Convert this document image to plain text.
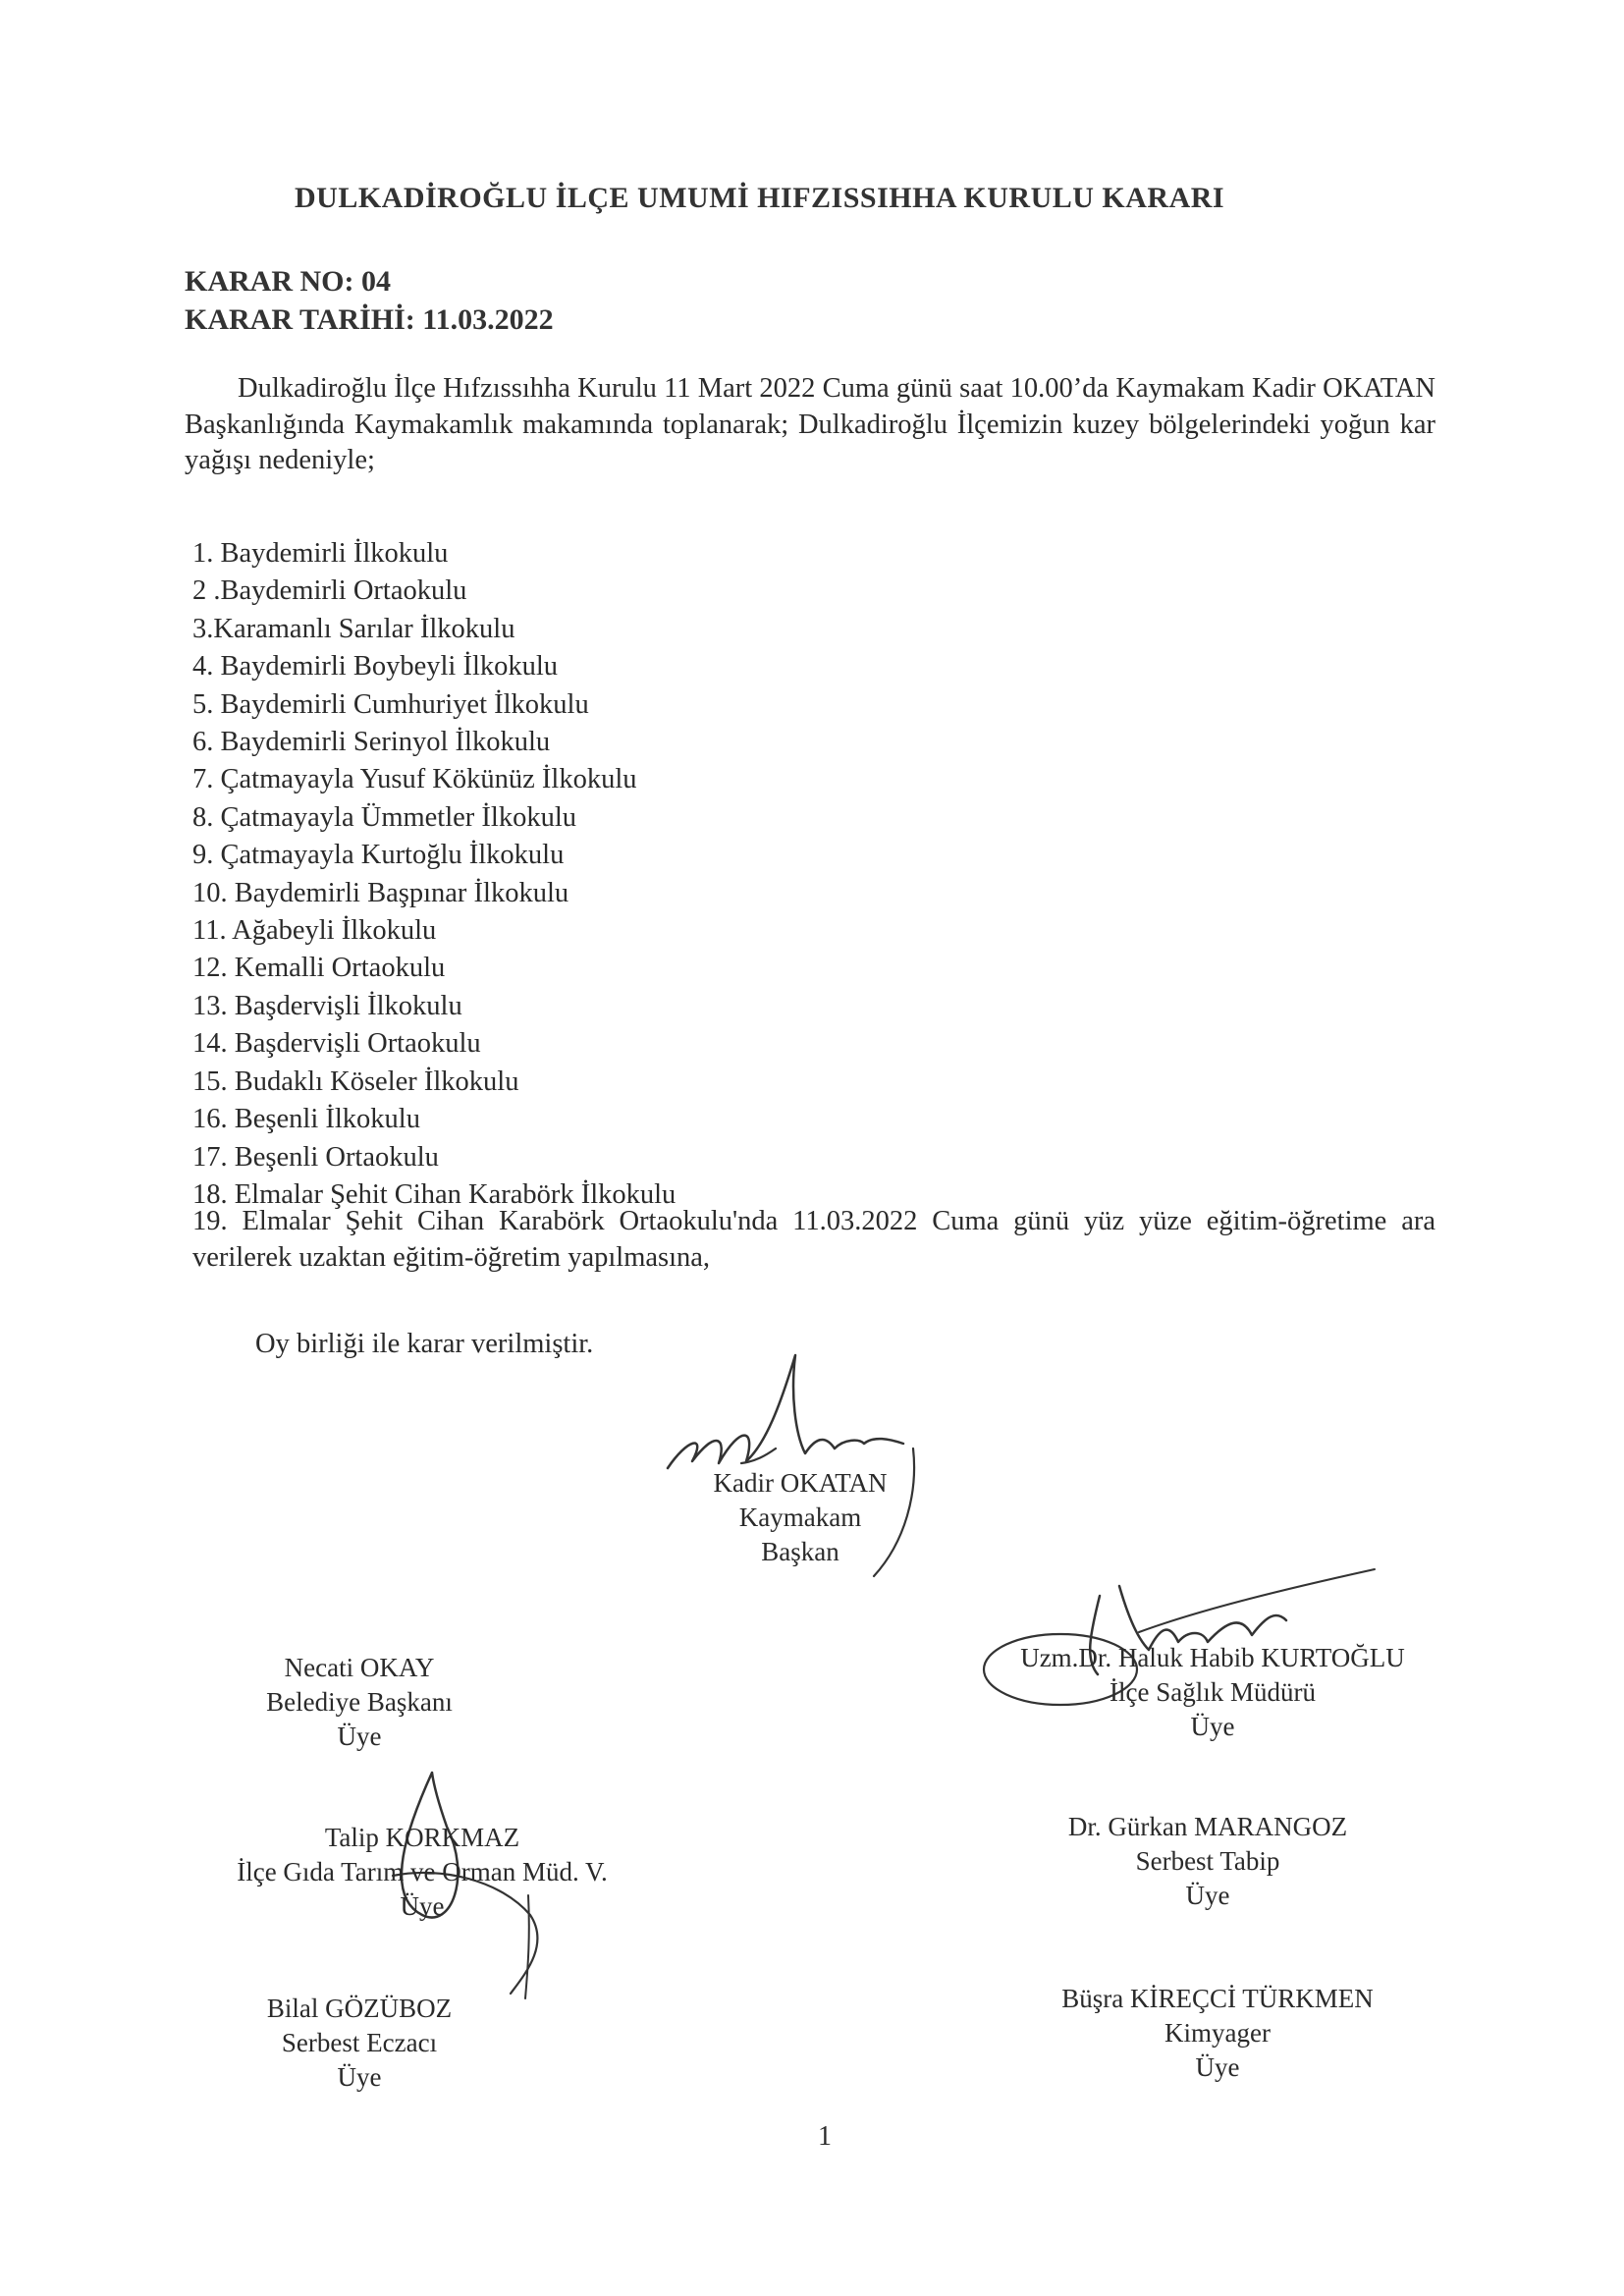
DULKADİROĞLU İLÇE UMUMİ HIFZISSIHHA KURULU KARARI
KARAR NO: 04
KARAR TARİHİ: 11.03.2022
Dulkadiroğlu İlçe Hıfzıssıhha Kurulu 11 Mart 2022 Cuma günü saat 10.00’da Kaymakam Kadir OKATAN Başkanlığında Kaymakamlık makamında toplanarak; Dulkadiroğlu İlçemizin kuzey bölgelerindeki yoğun kar yağışı nedeniyle;
1. Baydemirli İlkokulu
2 .Baydemirli Ortaokulu
3.Karamanlı Sarılar İlkokulu
4. Baydemirli Boybeyli İlkokulu
5. Baydemirli Cumhuriyet İlkokulu
6. Baydemirli Serinyol İlkokulu
7. Çatmayayla Yusuf Kökünüz İlkokulu
8. Çatmayayla Ümmetler İlkokulu
9. Çatmayayla Kurtoğlu İlkokulu
10. Baydemirli Başpınar İlkokulu
11. Ağabeyli İlkokulu
12. Kemalli Ortaokulu
13. Başdervişli İlkokulu
14. Başdervişli Ortaokulu
15. Budaklı Köseler İlkokulu
16. Beşenli İlkokulu
17. Beşenli Ortaokulu
18. Elmalar Şehit Cihan Karabörk İlkokulu
19. Elmalar Şehit Cihan Karabörk Ortaokulu'nda 11.03.2022 Cuma günü yüz yüze eğitim-öğretime ara verilerek uzaktan eğitim-öğretim yapılmasına,
Oy birliği ile karar verilmiştir.
Kadir OKATAN
Kaymakam
Başkan
Uzm.Dr. Haluk Habib KURTOĞLU
İlçe Sağlık Müdürü
Üye
Necati OKAY
Belediye Başkanı
Üye
Talip KORKMAZ
İlçe Gıda Tarım ve Orman Müd. V.
Üye
Dr. Gürkan MARANGOZ
Serbest Tabip
Üye
Bilal GÖZÜBOZ
Serbest Eczacı
Üye
Büşra KİREÇCİ TÜRKMEN
Kimyager
Üye
1
